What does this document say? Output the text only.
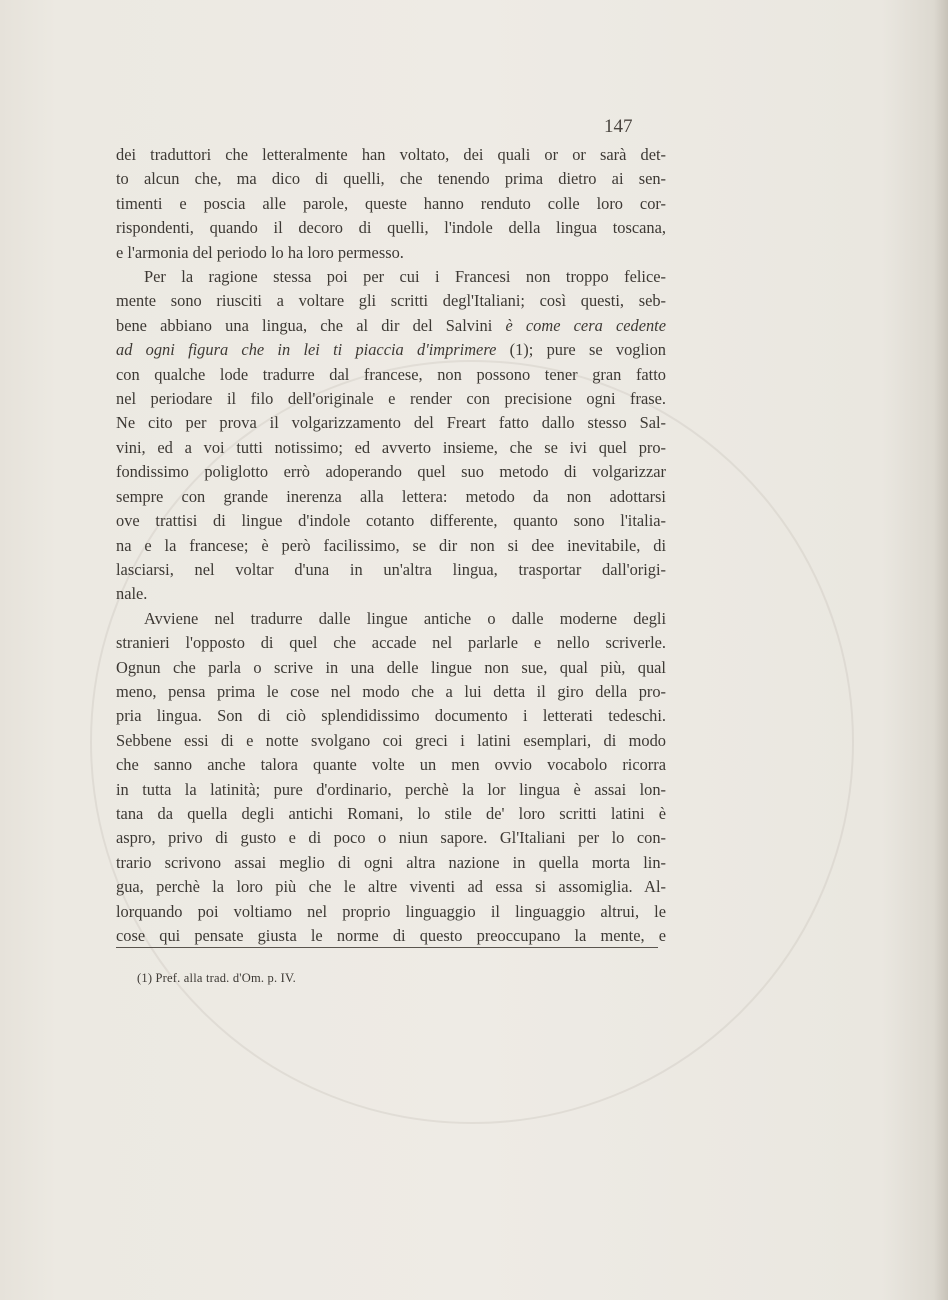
147

dei traduttori che letteralmente han voltato, dei quali or or sarà det-
to alcun che, ma dico di quelli, che tenendo prima dietro ai sen-
timenti e poscia alle parole, queste hanno renduto colle loro cor-
rispondenti, quando il decoro di quelli, l'indole della lingua toscana,
e l'armonia del periodo lo ha loro permesso.

Per la ragione stessa poi per cui i Francesi non troppo felice-
mente sono riusciti a voltare gli scritti degl'Italiani; così questi, seb-
bene abbiano una lingua, che al dir del Salvini è come cera cedente
ad ogni figura che in lei ti piaccia d'imprimere (1); pure se voglion
con qualche lode tradurre dal francese, non possono tener gran fatto
nel periodare il filo dell'originale e render con precisione ogni frase.
Ne cito per prova il volgarizzamento del Freart fatto dallo stesso Sal-
vini, ed a voi tutti notissimo; ed avverto insieme, che se ivi quel pro-
fondissimo poliglotto errò adoperando quel suo metodo di volgarizzar
sempre con grande inerenza alla lettera: metodo da non adottarsi
ove trattisi di lingue d'indole cotanto differente, quanto sono l'italia-
na e la francese; è però facilissimo, se dir non si dee inevitabile, di
lasciarsi, nel voltar d'una in un'altra lingua, trasportar dall'origi-
nale.

Avviene nel tradurre dalle lingue antiche o dalle moderne degli
stranieri l'opposto di quel che accade nel parlarle e nello scriverle.
Ognun che parla o scrive in una delle lingue non sue, qual più, qual
meno, pensa prima le cose nel modo che a lui detta il giro della pro-
pria lingua. Son di ciò splendidissimo documento i letterati tedeschi.
Sebbene essi di e notte svolgano coi greci i latini esemplari, di modo
che sanno anche talora quante volte un men ovvio vocabolo ricorra
in tutta la latinità; pure d'ordinario, perchè la lor lingua è assai lon-
tana da quella degli antichi Romani, lo stile de' loro scritti latini è
aspro, privo di gusto e di poco o niun sapore. Gl'Italiani per lo con-
trario scrivono assai meglio di ogni altra nazione in quella morta lin-
gua, perchè la loro più che le altre viventi ad essa si assomiglia. Al-
lorquando poi voltiamo nel proprio linguaggio il linguaggio altrui, le
cose qui pensate giusta le norme di questo preoccupano la mente, e

(1) Pref. alla trad. d'Om. p. IV.
